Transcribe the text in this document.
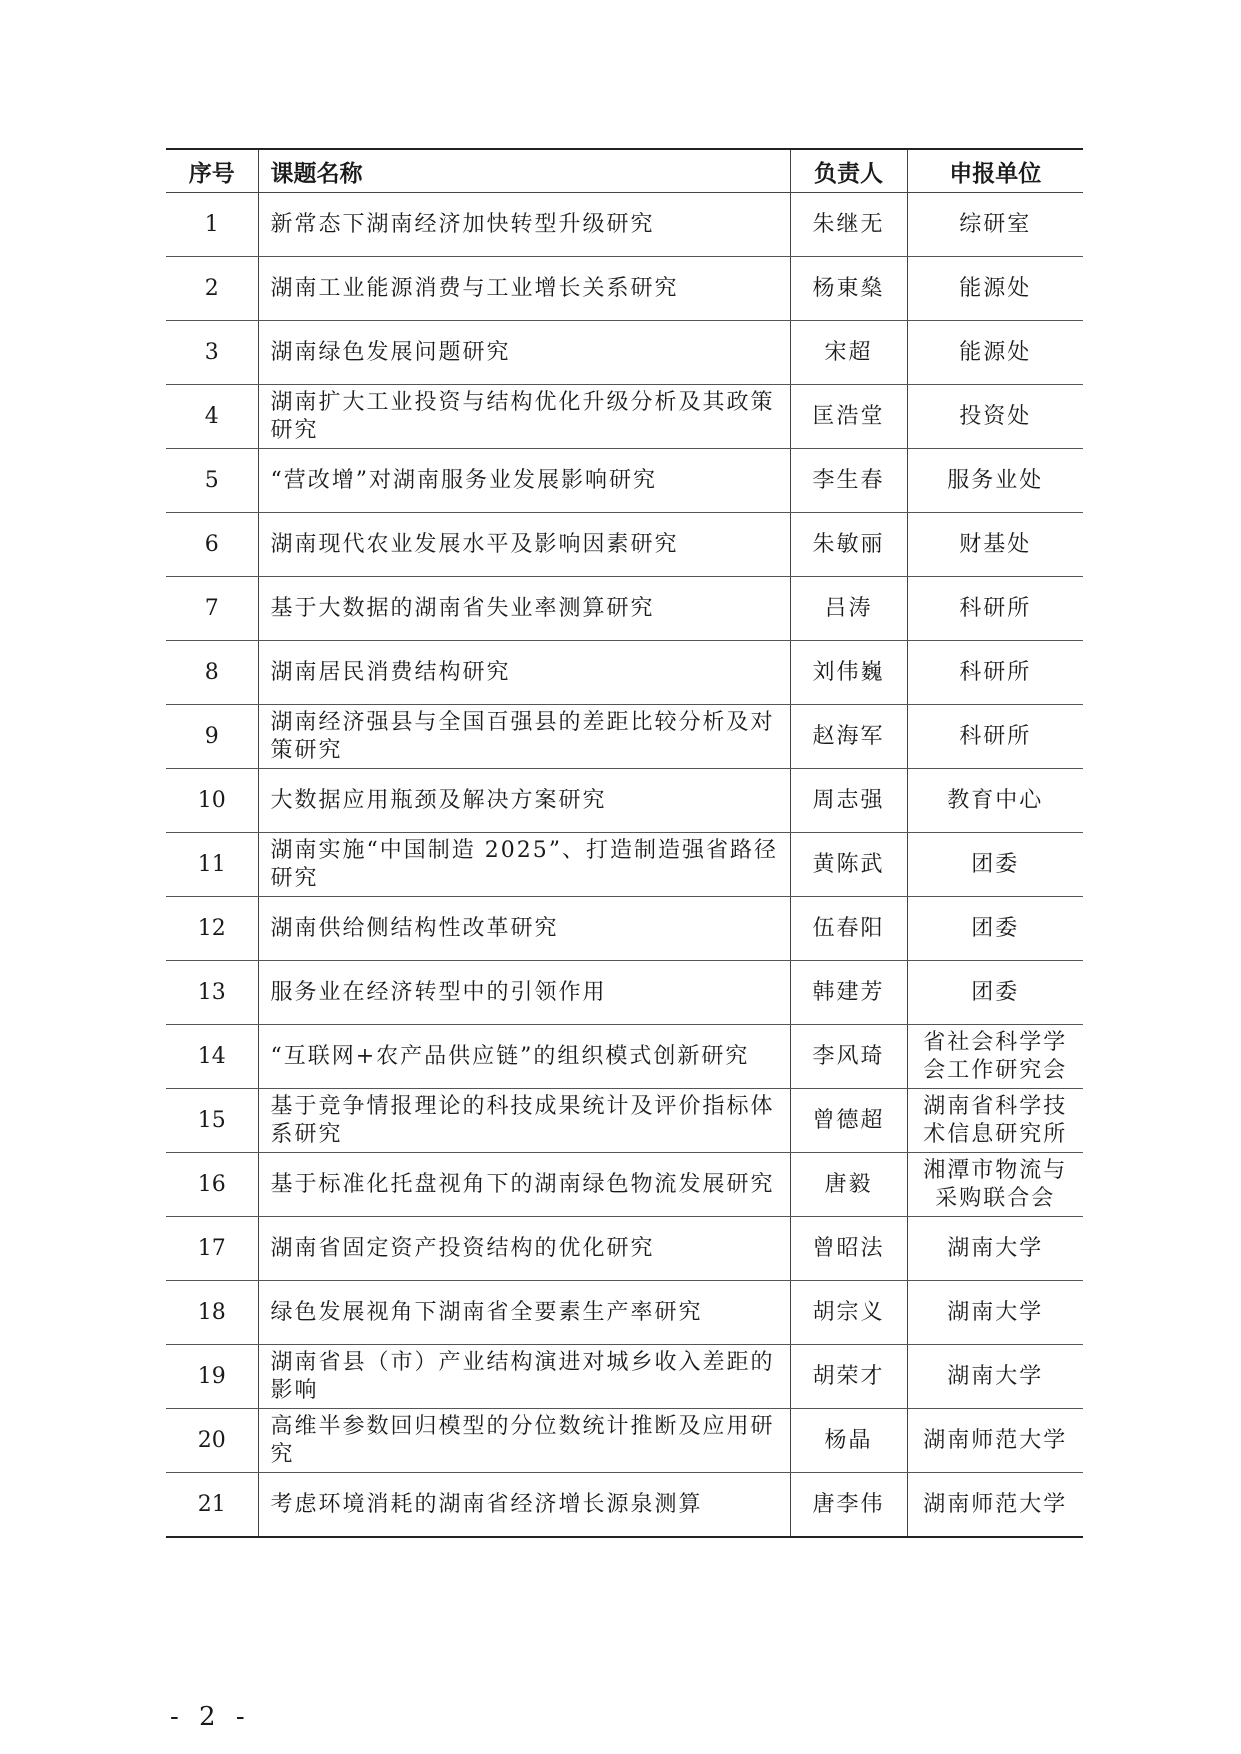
序号	课题名称	负责人	申报单位
1	新常态下湖南经济加快转型升级研究	朱继无	综研室
2	湖南工业能源消费与工业增长关系研究	杨東燊	能源处
3	湖南绿色发展问题研究	宋超	能源处
4	湖南扩大工业投资与结构优化升级分析及其政策研究	匡浩堂	投资处
5	“营改增”对湖南服务业发展影响研究	李生春	服务业处
6	湖南现代农业发展水平及影响因素研究	朱敏丽	财基处
7	基于大数据的湖南省失业率测算研究	吕涛	科研所
8	湖南居民消费结构研究	刘伟巍	科研所
9	湖南经济强县与全国百强县的差距比较分析及对策研究	赵海军	科研所
10	大数据应用瓶颈及解决方案研究	周志强	教育中心
11	湖南实施“中国制造 2025”、打造制造强省路径研究	黄陈武	团委
12	湖南供给侧结构性改革研究	伍春阳	团委
13	服务业在经济转型中的引领作用	韩建芳	团委
14	“互联网+农产品供应链”的组织模式创新研究	李风琦	省社会科学学会工作研究会
15	基于竞争情报理论的科技成果统计及评价指标体系研究	曾德超	湖南省科学技术信息研究所
16	基于标准化托盘视角下的湖南绿色物流发展研究	唐毅	湘潭市物流与采购联合会
17	湖南省固定资产投资结构的优化研究	曾昭法	湖南大学
18	绿色发展视角下湖南省全要素生产率研究	胡宗义	湖南大学
19	湖南省县（市）产业结构演进对城乡收入差距的影响	胡荣才	湖南大学
20	高维半参数回归模型的分位数统计推断及应用研究	杨晶	湖南师范大学
21	考虑环境消耗的湖南省经济增长源泉测算	唐李伟	湖南师范大学
- 2 -
